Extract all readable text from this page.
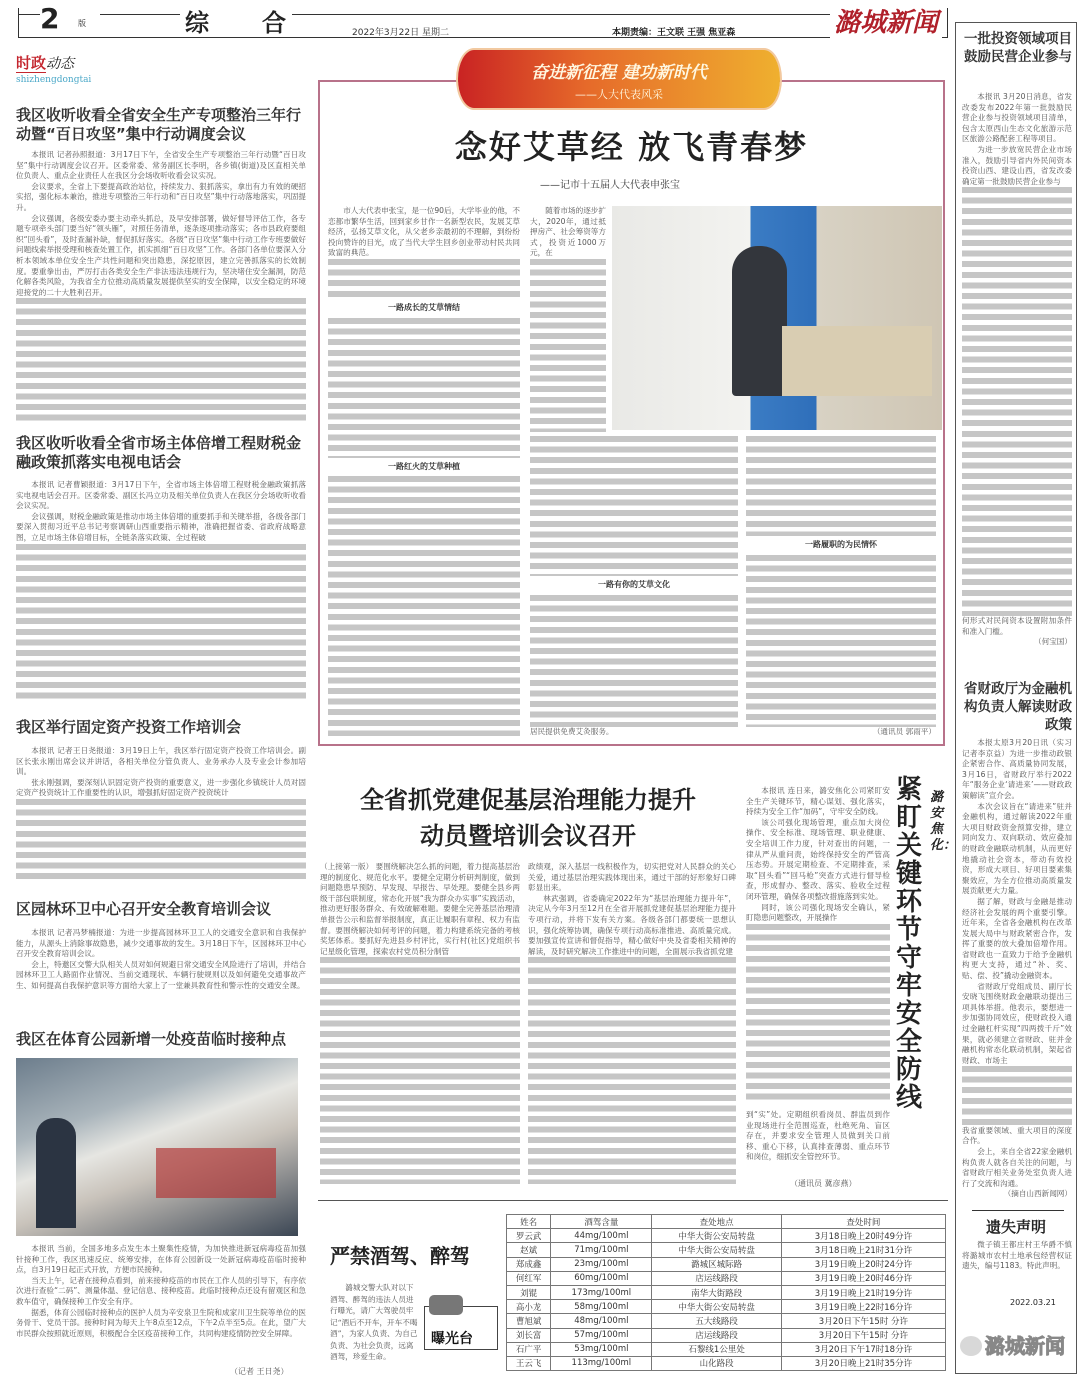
2 版	综 合	2022年3月22日 星期二	本期责编：王文联 王强 焦亚森	潞城新闻
时政动态
shizhengdongtai
我区收听收看全省安全生产专项整治三年行动暨“百日攻坚”集中行动调度会议

本报讯 记者孙照报道：3月17日下午，全省安全生产专项整治三年行动暨“百日攻坚”集中行动调度会议召开。区委常委、常务副区长李明，各乡镇(街道)及区直相关单位负责人、重点企业责任人在我区分会场收听收看会议实况。

会议要求，全省上下要提高政治站位，持续发力、狠抓落实，拿出有力有效的硬招实招，强化标本兼治，推进专项整治三年行动和“百日攻坚”集中行动落地落实，巩固提升。

会议强调，各级安委办要主动牵头抓总，及早安排部署，做好督导评估工作，各专题专项牵头部门要当好“领头雁”，对照任务清单，逐条逐项推动落实；各市县政府要组织“回头看”，及时查漏补缺，督促抓好落实。各级“百日攻坚”集中行动工作专班要做好问题线索举报受理和核查处置工作，抓实抓细“百日攻坚”工作。各部门各单位要深入分析本领域本单位安全生产共性问题和突出隐患，深挖原因，建立完善抓落实的长效制度。要重拳出击，严厉打击各类安全生产非法违法违规行为，坚决堵住安全漏洞，防范化解各类风险，为我省全方位推动高质量发展提供坚实的安全保障，以安全稳定的环境迎接党的二十大胜利召开。

我区收听收看全省市场主体倍增工程财税金融政策抓落实电视电话会

本报讯 记者曹颖报道：3月17日下午，全省市场主体倍增工程财税金融政策抓落实电视电话会召开。区委常委、副区长冯立功及相关单位负责人在我区分会场收听收看会议实况。

会议强调，财税金融政策是推动市场主体倍增的重要抓手和关键举措，各级各部门要深入贯彻习近平总书记考察调研山西重要指示精神，准确把握省委、省政府战略意图，立足市场主体倍增目标，全链条落实政策、全过程破

我区举行固定资产投资工作培训会

本报讯 记者王日尧报道：3月19日上午，我区举行固定资产投资工作培训会。副区长张永刚出席会议并讲话，各相关单位分管负责人、业务承办人及专业会计参加培训。

张永刚强调，要深刻认识固定资产投资的重要意义，进一步强化乡镇统计人员对固定资产投资统计工作重要性的认识，增强抓好固定资产投资统计

区园林环卫中心召开安全教育培训会议

本报讯 记者冯梦楠报道：为进一步提高园林环卫工人的交通安全意识和自我保护能力，从源头上消除事故隐患，减少交通事故的发生。3月18日下午，区园林环卫中心召开安全教育培训会议。

会上，特邀区交警大队相关人员对如何规避日常交通安全风险进行了培训，并结合园林环卫工人路面作业情况、当前交通现状、车辆行驶规则以及如何避免交通事故产生、如何提高自我保护意识等方面给大家上了一堂兼具教育性和警示性的交通安全课。

我区在体育公园新增一处疫苗临时接种点

本报讯 当前，全国多地多点发生本土聚集性疫情，为加快推进新冠病毒疫苗加强针接种工作，我区迅速反应、统筹安排，在体育公园新设一处新冠病毒疫苗临时接种点，自3月19日起正式开放，方便市民接种。

当天上午，记者在接种点看到，前来接种疫苗的市民在工作人员的引导下，有序依次进行查验“二码”、测量体温、登记信息、接种疫苗。此临时接种点还设有留观区和急救车值守，确保接种工作安全有序。

据悉，体育公园临时接种点的医护人员为辛安泉卫生院和成家川卫生院等单位的医务骨干、党员干部。接种时间为每天上午8点至12点，下午2点半至5点。在此，望广大市民群众按照就近原则，积极配合全区疫苗接种工作，共同构建疫情防控安全屏障。

（记者 王日尧）
奋进新征程 建功新时代
——人大代表风采
念好艾草经 放飞青春梦
——记市十五届人大代表申张宝

市人大代表申张宝，是一位90后，大学毕业的他，不恋都市繁华生活，回到家乡甘作一名新型农民，发展艾草经济，弘扬艾草文化，从父老乡亲最初的不理解，到纷纷投向赞许的目光，成了当代大学生回乡创业带动村民共同致富的典范。

一路成长的艾草情结
一路红火的艾草种植

随着市场的逐步扩大，2020年，通过抵押房产、社会筹资等方式，投资近1000万元，在

一路有你的艾草文化

居民提供免费艾灸服务。

一路履职的为民情怀
（通讯员 郭雨平）
全省抓党建促基层治理能力提升
动员暨培训会议召开

（上接第一版） 要围绕解决怎么抓的问题，着力提高基层治理的制度化、规范化水平。要健全定期分析研判制度，做到问题隐患早预防、早发现、早报告、早处理。要健全县乡两级干部包联制度，常态化开展“我为群众办实事”实践活动，推动更好服务群众、有效破解难题。要健全完善基层治理清单报告公示和监督举报制度，真正让履职有章程、权力有监督。要围绕解决如何考评的问题，着力构建系统完备的考核奖惩体系。要抓好先进县乡村评比，实行村(社区)党组织书记星级化管理，探索农村党员积分制管

政绩观，深入基层一线积极作为，切实把党对人民群众的关心关爱，通过基层治理实践体现出来，通过干部的好形象好口碑彰显出来。

林武强调，省委确定2022年为“基层治理能力提升年”，决定从今年3月至12月在全省开展抓党建促基层治理能力提升专项行动，并将下发有关方案。各级各部门都要统一思想认识，强化统筹协调，确保专项行动高标准推进、高质量完成。要加强宣传宣讲和督促指导，精心做好中央及省委相关精神的解读，及时研究解决工作推进中的问题，全面展示我省抓党建

本报讯 连日来，潞安焦化公司紧盯安全生产关键环节，精心谋划、强化落实，持续为安全工作“加码”，守牢安全防线。

该公司强化现场管理，重点加大岗位操作、安全标准、现场管理、职业健康、安全培训工作力度，针对查出的问题，一律从严从重问责，始终保持安全的严管高压态势。开展定期检查、不定期排查，采取“回头看”“回马枪”突查方式进行督导检查，形成督办、整改、落实、验收全过程闭环管理，确保各项整改措施落到实处。

同时，该公司强化现场安全确认，紧盯隐患问题整改，开展操作

到“实”处。定期组织看岗员、群监员到作业现场进行全范围巡查，杜绝死角、盲区存在，并要求安全管理人员做到关口前移、重心下移，认真排查薄弱、重点环节和岗位，细抓安全管控环节。

（通讯员 冀彦燕）
潞安焦化：
紧盯关键环节 守牢安全防线
严禁酒驾、醉驾
曝光台
潞城交警大队对以下酒驾、醉驾的违法人员进行曝光，请广大驾驶员牢记“酒后不开车，开车不喝酒”，为家人负责、为自己负责、为社会负责，远离酒驾，珍爱生命。
姓名	酒驾含量	查处地点	查处时间
罗云武	44mg/100ml	中华大街公安局转盘	3月18日晚上20时49分许
赵斌	71mg/100ml	中华大街公安局转盘	3月18日晚上21时31分许
郑成鑫	23mg/100ml	潞城区城际路	3月19日晚上20时24分许
何红军	60mg/100ml	店运线路段	3月19日晚上20时46分许
刘锟	173mg/100ml	南华大街路段	3月19日晚上21时19分许
高小龙	58mg/100ml	中华大街公安局转盘	3月19日晚上22时16分许
曹旭斌	48mg/100ml	五大线路段	3月20日下午15时 分许
刘长富	57mg/100ml	店运线路段	3月20日下午15时 分许
石广平	53mg/100ml	石黎线1公里处	3月20日下午17时18分许
王云飞	113mg/100ml	山化路段	3月20日晚上21时35分许
一批投资领域项目鼓励民营企业参与

本报讯 3月20日消息，省发改委发布2022年第一批鼓励民营企业参与投资领域项目清单，包含太原西山生态文化旅游示范区旅游公路配套工程等项目。

为进一步放宽民营企业市场准入，鼓励引导省内外民间资本投资山西、建设山西，省发改委确定第一批鼓励民营企业参与

何形式对民间资本设置附加条件和准入门槛。

（何宝国）
省财政厅为金融机构负责人解读财政政策

本报太原3月20日讯（实习记者李京益）为进一步推动政银企紧密合作、高质量协同发展，3月16日，省财政厅举行2022年“服务企业‘请进来’——财政政策解读”宣介会。

本次会议旨在“请进来”驻并金融机构，通过解读2022年重大项目财政资金预算安排，建立同向发力、双向联动、效应叠加的财政金融联动机制，从而更好地撬动社会资本，带动有效投资，形成大项目、好项目要素集聚效应，为全方位推动高质量发展贡献更大力量。

据了解，财政与金融是推动经济社会发展的两个重要引擎。近年来，全省各金融机构在改革发展大局中与财政紧密合作，发挥了重要的放大叠加倍增作用。省财政也一直致力于给予金融机构更大支持，通过“补、奖、贴、偿、投”撬动金融资本。

省财政厅党组成员、副厅长安晓飞围绕财政金融联动提出三项具体举措。他表示，要想进一步加强协同效应，使财政投入通过金融杠杆实现“四两拨千斤”效果，就必须建立省财政、驻并金融机构常态化联动机制，架起省财政、市场主

我省重要领域、重大项目的深度合作。

会上，来自全省22家金融机构负责人就各自关注的问题，与省财政厅相关业务处室负责人进行了交流和沟通。

（摘自山西新闻网）
遗失声明

微子镇王都庄村王华爵不慎将潞城市农村土地承包经营权证遗失，编号1183。特此声明。

2022.03.21
潞城新闻
